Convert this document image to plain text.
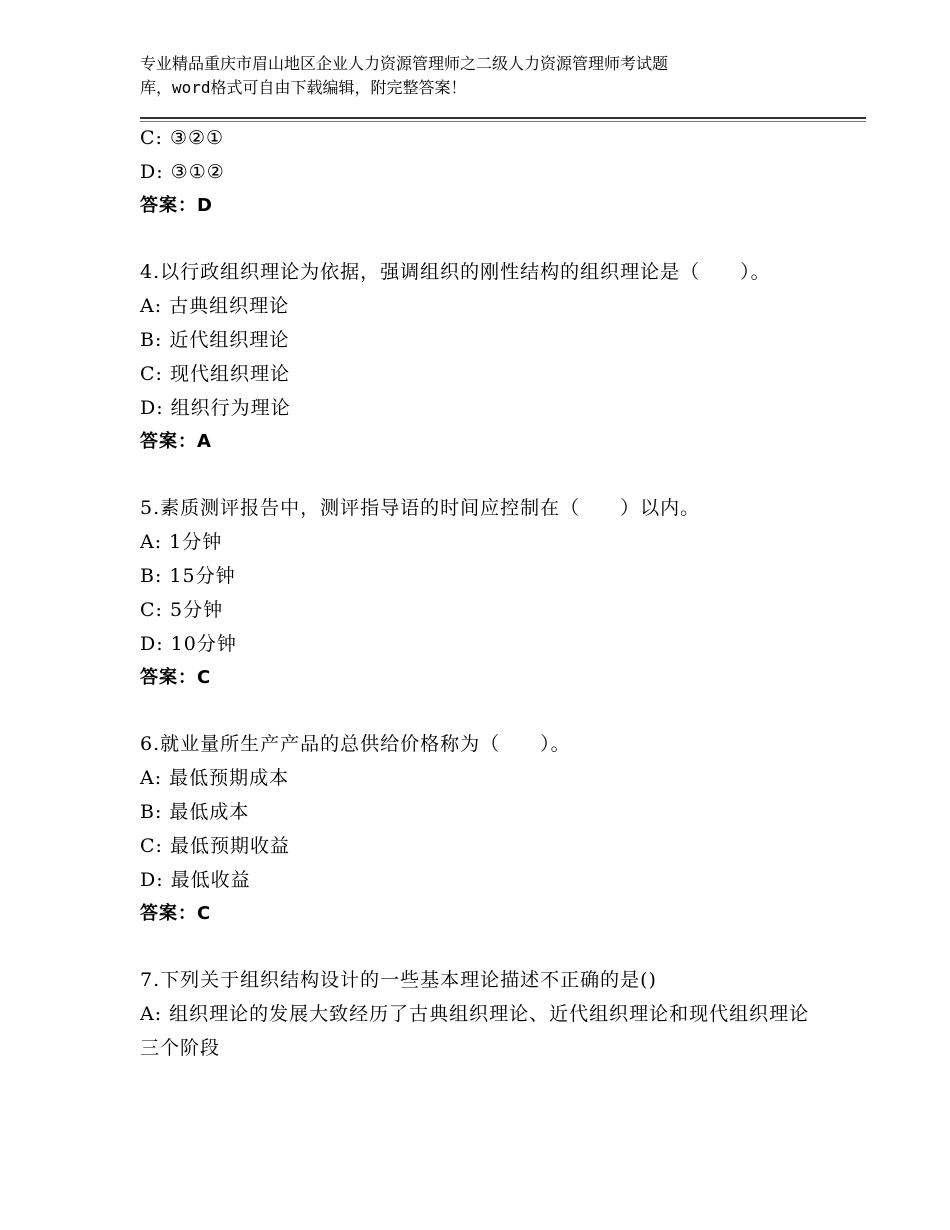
专业精品重庆市眉山地区企业人力资源管理师之二级人力资源管理师考试题
库，word格式可自由下载编辑，附完整答案！
C: ③②①
D: ③①②
答案：D
4.以行政组织理论为依据，强调组织的刚性结构的组织理论是（　　）。
A: 古典组织理论
B: 近代组织理论
C: 现代组织理论
D: 组织行为理论
答案：A
5.素质测评报告中，测评指导语的时间应控制在（　　）以内。
A: 1分钟
B: 15分钟
C: 5分钟
D: 10分钟
答案：C
6.就业量所生产产品的总供给价格称为（　　）。
A: 最低预期成本
B: 最低成本
C: 最低预期收益
D: 最低收益
答案：C
7.下列关于组织结构设计的一些基本理论描述不正确的是()
A: 组织理论的发展大致经历了古典组织理论、近代组织理论和现代组织理论三个阶段
